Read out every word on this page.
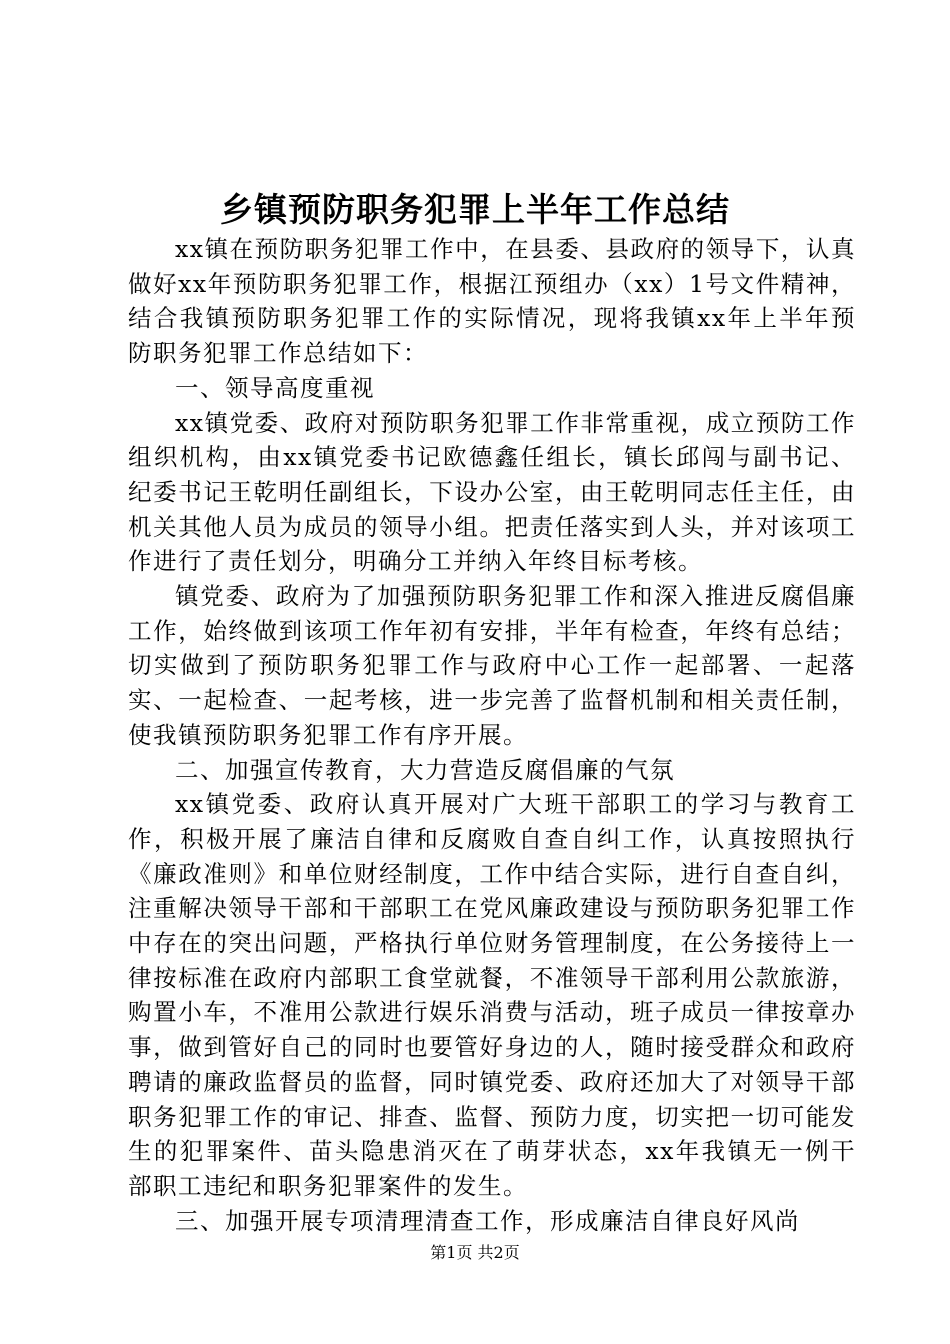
乡镇预防职务犯罪上半年工作总结

xx镇在预防职务犯罪工作中，在县委、县政府的领导下，认真做好xx年预防职务犯罪工作，根据江预组办（xx）1号文件精神，结合我镇预防职务犯罪工作的实际情况，现将我镇xx年上半年预防职务犯罪工作总结如下：

一、领导高度重视

xx镇党委、政府对预防职务犯罪工作非常重视，成立预防工作组织机构，由xx镇党委书记欧德鑫任组长，镇长邱闯与副书记、纪委书记王乾明任副组长，下设办公室，由王乾明同志任主任，由机关其他人员为成员的领导小组。把责任落实到人头，并对该项工作进行了责任划分，明确分工并纳入年终目标考核。

镇党委、政府为了加强预防职务犯罪工作和深入推进反腐倡廉工作，始终做到该项工作年初有安排，半年有检查，年终有总结；切实做到了预防职务犯罪工作与政府中心工作一起部署、一起落实、一起检查、一起考核，进一步完善了监督机制和相关责任制，使我镇预防职务犯罪工作有序开展。

二、加强宣传教育，大力营造反腐倡廉的气氛

xx镇党委、政府认真开展对广大班干部职工的学习与教育工作，积极开展了廉洁自律和反腐败自查自纠工作，认真按照执行《廉政准则》和单位财经制度，工作中结合实际，进行自查自纠，注重解决领导干部和干部职工在党风廉政建设与预防职务犯罪工作中存在的突出问题，严格执行单位财务管理制度，在公务接待上一律按标准在政府内部职工食堂就餐，不准领导干部利用公款旅游，购置小车，不准用公款进行娱乐消费与活动，班子成员一律按章办事，做到管好自己的同时也要管好身边的人，随时接受群众和政府聘请的廉政监督员的监督，同时镇党委、政府还加大了对领导干部职务犯罪工作的审记、排查、监督、预防力度，切实把一切可能发生的犯罪案件、苗头隐患消灭在了萌芽状态，xx年我镇无一例干部职工违纪和职务犯罪案件的发生。

三、加强开展专项清理清查工作，形成廉洁自律良好风尚

第1页 共2页
